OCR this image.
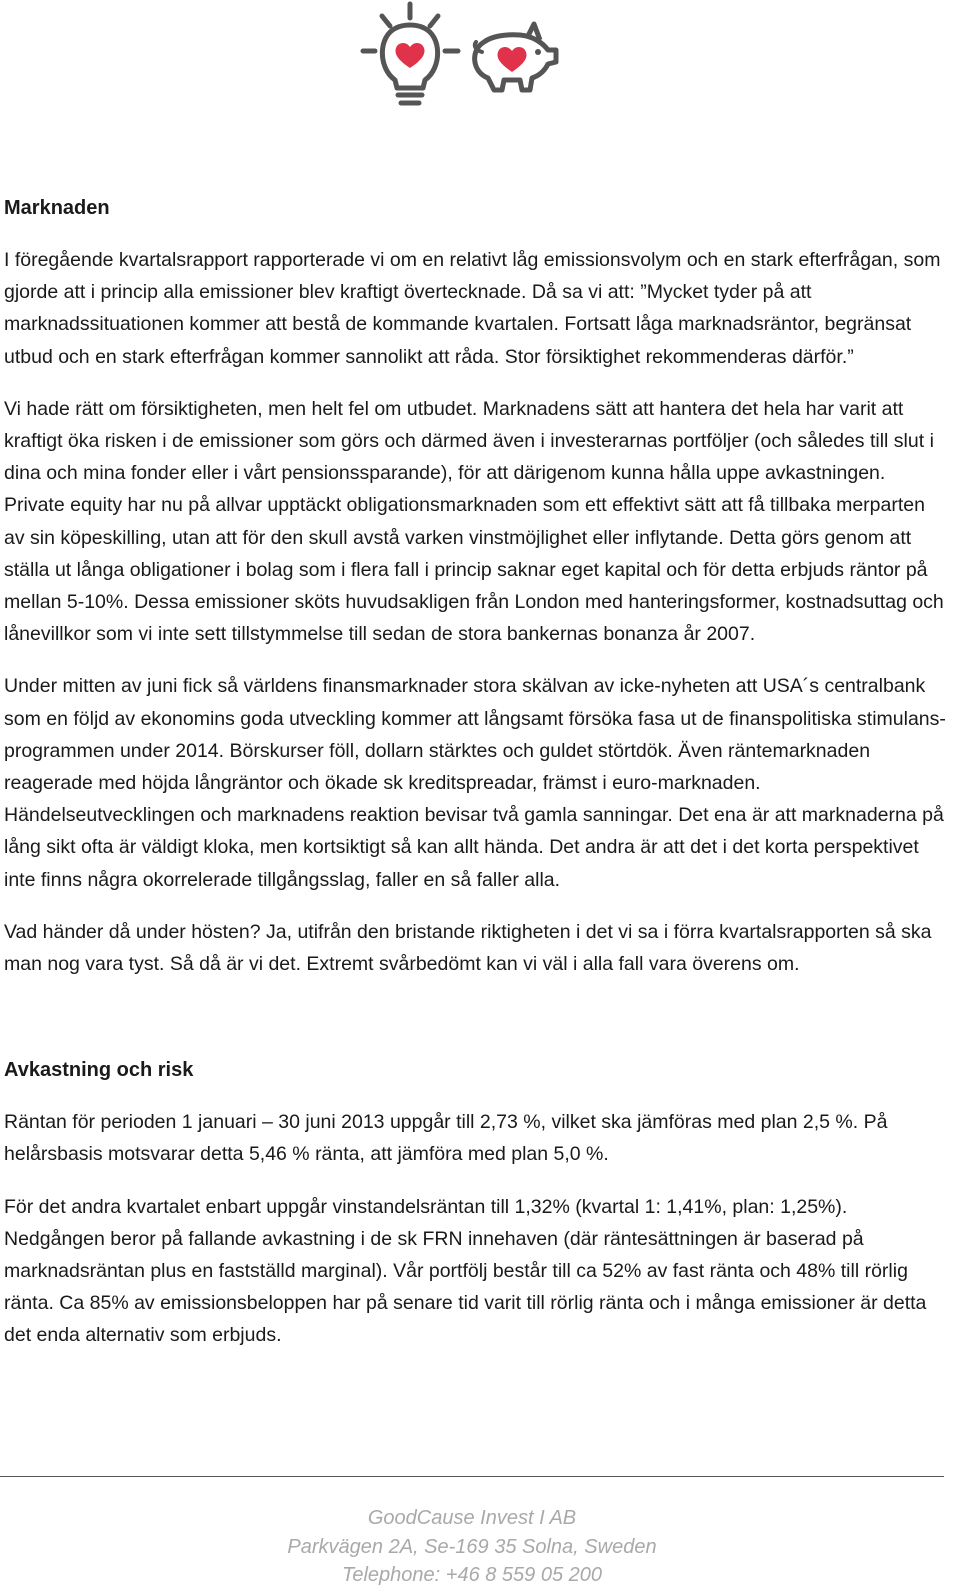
Marknaden

I föregående kvartalsrapport rapporterade vi om en relativt låg emissionsvolym och en stark efterfrågan, som gjorde att i princip alla emissioner blev kraftigt övertecknade. Då sa vi att: ”Mycket tyder på att marknadssituationen kommer att bestå de kommande kvartalen. Fortsatt låga marknadsräntor, begränsat utbud och en stark efterfrågan kommer sannolikt att råda. Stor försiktighet rekommenderas därför.”

Vi hade rätt om försiktigheten, men helt fel om utbudet. Marknadens sätt att hantera det hela har varit att kraftigt öka risken i de emissioner som görs och därmed även i investerarnas portföljer (och således till slut i dina och mina fonder eller i vårt pensionssparande), för att därigenom kunna hålla uppe avkastningen. Private equity har nu på allvar upptäckt obligationsmarknaden som ett effektivt sätt att få tillbaka merparten av sin köpeskilling, utan att för den skull avstå varken vinstmöjlighet eller inflytande. Detta görs genom att ställa ut långa obligationer i bolag som i flera fall i princip saknar eget kapital och för detta erbjuds räntor på mellan 5-10%. Dessa emissioner sköts huvudsakligen från London med hanteringsformer, kostnadsuttag och lånevillkor som vi inte sett tillstymmelse till sedan de stora bankernas bonanza år 2007.

Under mitten av juni fick så världens finansmarknader stora skälvan av icke-nyheten att USA´s centralbank som en följd av ekonomins goda utveckling kommer att långsamt försöka fasa ut de finanspolitiska stimulans-programmen under 2014. Börskurser föll, dollarn stärktes och guldet störtdök. Även räntemarknaden reagerade med höjda långräntor och ökade sk kreditspreadar, främst i euro-marknaden. Händelseutvecklingen och marknadens reaktion bevisar två gamla sanningar. Det ena är att marknaderna på lång sikt ofta är väldigt kloka, men kortsiktigt så kan allt hända. Det andra är att det i det korta perspektivet inte finns några okorrelerade tillgångsslag, faller en så faller alla.

Vad händer då under hösten? Ja, utifrån den bristande riktigheten i det vi sa i förra kvartalsrapporten så ska man nog vara tyst. Så då är vi det. Extremt svårbedömt kan vi väl i alla fall vara överens om.

Avkastning och risk

Räntan för perioden 1 januari – 30 juni 2013 uppgår till 2,73 %, vilket ska jämföras med plan 2,5 %. På helårsbasis motsvarar detta 5,46 % ränta, att jämföra med plan 5,0 %.

För det andra kvartalet enbart uppgår vinstandelsräntan till 1,32% (kvartal 1: 1,41%, plan: 1,25%). Nedgången beror på fallande avkastning i de sk FRN innehaven (där räntesättningen är baserad på marknadsräntan plus en fastställd marginal). Vår portfölj består till ca 52% av fast ränta och 48% till rörlig ränta. Ca 85% av emissionsbeloppen har på senare tid varit till rörlig ränta och i många emissioner är detta det enda alternativ som erbjuds.

GoodCause Invest I AB
Parkvägen 2A, Se-169 35 Solna, Sweden
Telephone: +46 8 559 05 200
